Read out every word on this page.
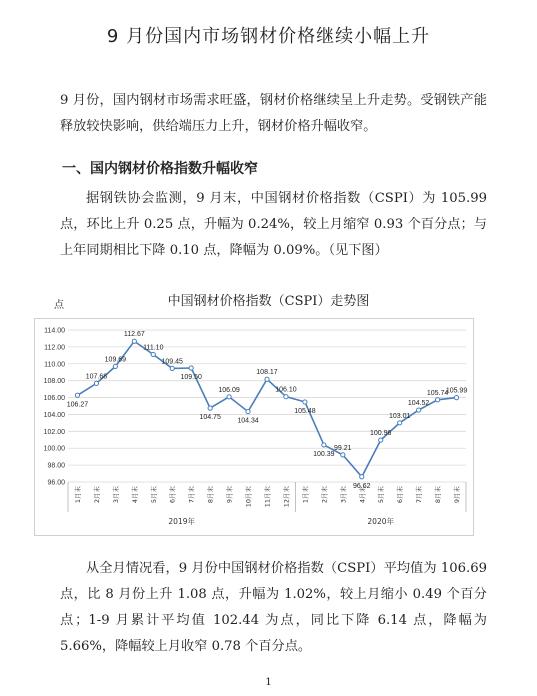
9 月份国内市场钢材价格继续小幅上升
9 月份，国内钢材市场需求旺盛，钢材价格继续呈上升走势。受钢铁产能释放较快影响，供给端压力上升，钢材价格升幅收窄。
一、国内钢材价格指数升幅收窄
据钢铁协会监测，9 月末，中国钢材价格指数（CSPI）为 105.99 点，环比上升 0.25 点，升幅为 0.24%，较上月缩窄 0.93 个百分点；与上年同期相比下降 0.10 点，降幅为 0.09%。（见下图）
点	中国钢材价格指数（CSPI）走势图
96.00
98.00
100.00
102.00
104.00
106.00
108.00
110.00
112.00
114.00
1月末 2月末 3月末 4月末 5月末 6月末 7月末 8月末 9月末 10月末 11月末 12月末 1月末 2月末 3月末 4月末 5月末 6月末 7月末 8月末 9月末
2019年	2020年
106.27
107.68
109.69
112.67
111.10
109.45
109.50
104.75
106.09
104.34
108.17
106.10
105.48
100.39
99.21
96.62
100.96
103.01
104.52
105.74
105.99
从全月情况看，9 月份中国钢材价格指数（CSPI）平均值为 106.69 点，比 8 月份上升 1.08 点，升幅为 1.02%，较上月缩小 0.49 个百分点；1-9 月累计平均值 102.44 为点，同比下降 6.14 点，降幅为 5.66%，降幅较上月收窄 0.78 个百分点。
1
